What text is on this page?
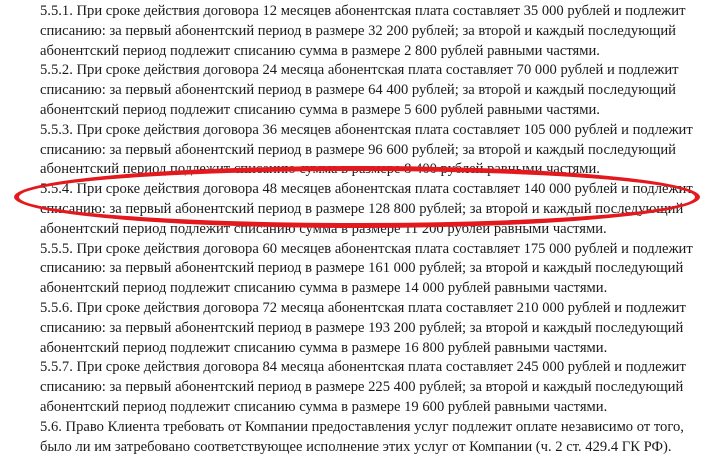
5.5.1. При сроке действия договора 12 месяцев абонентская плата составляет 35 000 рублей и подлежит
списанию: за первый абонентский период в размере 32 200 рублей; за второй и каждый последующий
абонентский период подлежит списанию сумма в размере 2 800 рублей равными частями.

5.5.2. При сроке действия договора 24 месяца абонентская плата составляет 70 000 рублей и подлежит
списанию: за первый абонентский период в размере 64 400 рублей; за второй и каждый последующий
абонентский период подлежит списанию сумма в размере 5 600 рублей равными частями.

5.5.3. При сроке действия договора 36 месяцев абонентская плата составляет 105 000 рублей и подлежит
списанию: за первый абонентский период в размере 96 600 рублей; за второй и каждый последующий
абонентский период подлежит списанию сумма в размере 8 400 рублей равными частями.

5.5.4. При сроке действия договора 48 месяцев абонентская плата составляет 140 000 рублей и подлежит
списанию: за первый абонентский период в размере 128 800 рублей; за второй и каждый последующий
абонентский период подлежит списанию сумма в размере 11 200 рублей равными частями.

5.5.5. При сроке действия договора 60 месяцев абонентская плата составляет 175 000 рублей и подлежит
списанию: за первый абонентский период в размере 161 000 рублей; за второй и каждый последующий
абонентский период подлежит списанию сумма в размере 14 000 рублей равными частями.

5.5.6. При сроке действия договора 72 месяца абонентская плата составляет 210 000 рублей и подлежит
списанию: за первый абонентский период в размере 193 200 рублей; за второй и каждый последующий
абонентский период подлежит списанию сумма в размере 16 800 рублей равными частями.

5.5.7. При сроке действия договора 84 месяца абонентская плата составляет 245 000 рублей и подлежит
списанию: за первый абонентский период в размере 225 400 рублей; за второй и каждый последующий
абонентский период подлежит списанию сумма в размере 19 600 рублей равными частями.

5.6. Право Клиента требовать от Компании предоставления услуг подлежит оплате независимо от того,
было ли им затребовано соответствующее исполнение этих услуг от Компании (ч. 2 ст. 429.4 ГК РФ).
